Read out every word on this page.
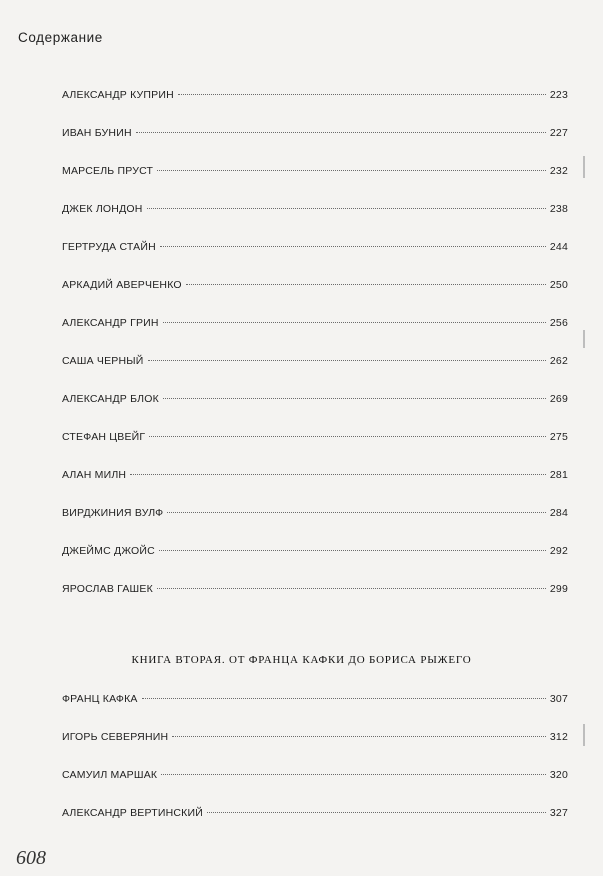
Содержание
АЛЕКСАНДР КУПРИН	223
ИВАН БУНИН	227
МАРСЕЛЬ ПРУСТ	232
ДЖЕК ЛОНДОН	238
ГЕРТРУДА СТАЙН	244
АРКАДИЙ АВЕРЧЕНКО	250
АЛЕКСАНДР ГРИН	256
САША ЧЕРНЫЙ	262
АЛЕКСАНДР БЛОК	269
СТЕФАН ЦВЕЙГ	275
АЛАН МИЛН	281
ВИРДЖИНИЯ ВУЛФ	284
ДЖЕЙМС ДЖОЙС	292
ЯРОСЛАВ ГАШЕК	299
КНИГА ВТОРАЯ. ОТ ФРАНЦА КАФКИ ДО БОРИСА РЫЖЕГО
ФРАНЦ КАФКА	307
ИГОРЬ СЕВЕРЯНИН	312
САМУИЛ МАРШАК	320
АЛЕКСАНДР ВЕРТИНСКИЙ	327
608
